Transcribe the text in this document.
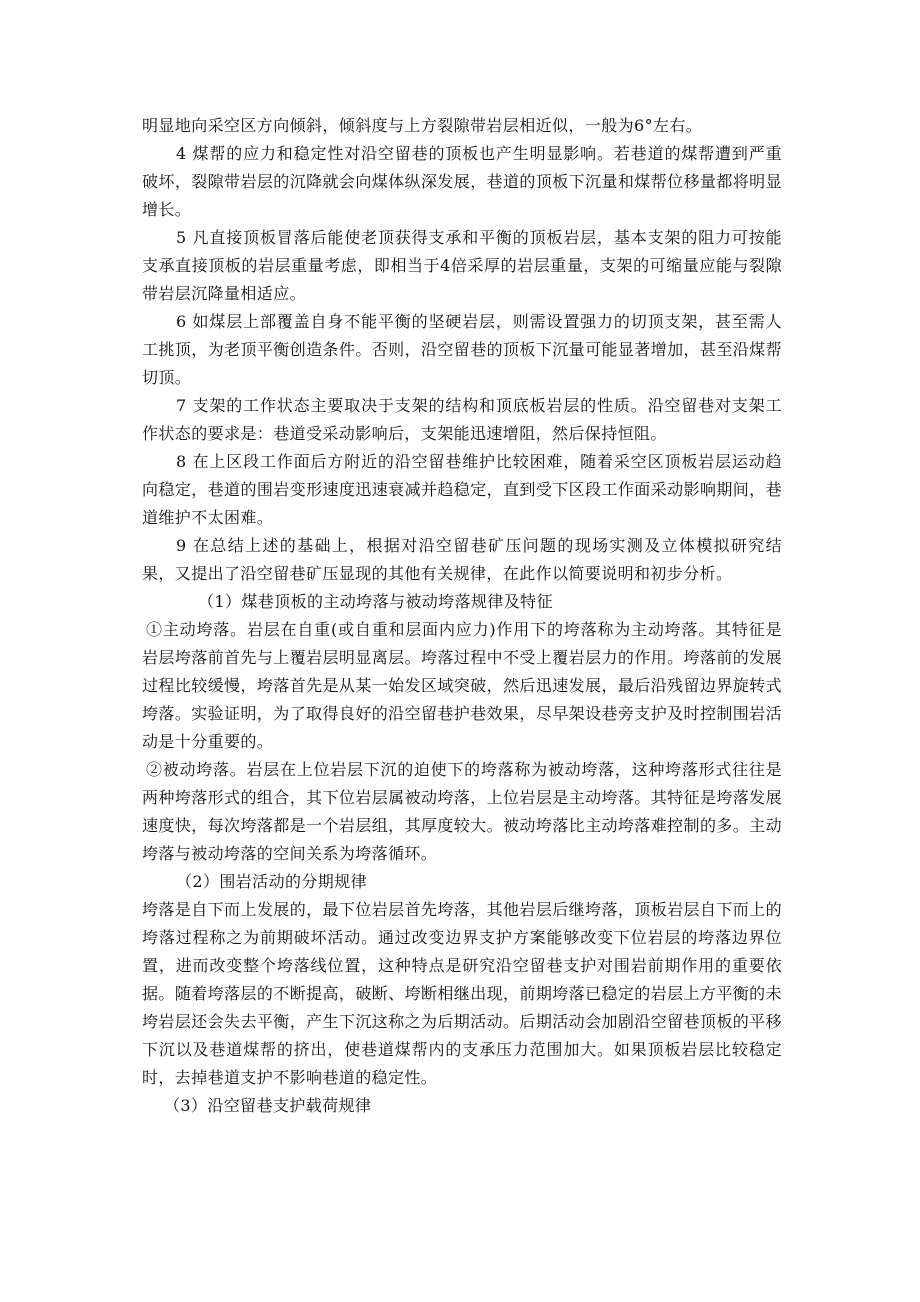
明显地向采空区方向倾斜，倾斜度与上方裂隙带岩层相近似，一般为6°左右。

4 煤帮的应力和稳定性对沿空留巷的顶板也产生明显影响。若巷道的煤帮遭到严重破坏，裂隙带岩层的沉降就会向煤体纵深发展，巷道的顶板下沉量和煤帮位移量都将明显增长。

5 凡直接顶板冒落后能使老顶获得支承和平衡的顶板岩层，基本支架的阻力可按能支承直接顶板的岩层重量考虑，即相当于4倍采厚的岩层重量，支架的可缩量应能与裂隙带岩层沉降量相适应。

6 如煤层上部覆盖自身不能平衡的坚硬岩层，则需设置强力的切顶支架，甚至需人工挑顶，为老顶平衡创造条件。否则，沿空留巷的顶板下沉量可能显著增加，甚至沿煤帮切顶。

7 支架的工作状态主要取决于支架的结构和顶底板岩层的性质。沿空留巷对支架工作状态的要求是：巷道受采动影响后，支架能迅速增阻，然后保持恒阻。

8 在上区段工作面后方附近的沿空留巷维护比较困难，随着采空区顶板岩层运动趋向稳定，巷道的围岩变形速度迅速衰减并趋稳定，直到受下区段工作面采动影响期间，巷道维护不太困难。

9 在总结上述的基础上，根据对沿空留巷矿压问题的现场实测及立体模拟研究结果，又提出了沿空留巷矿压显现的其他有关规律，在此作以简要说明和初步分析。

（1）煤巷顶板的主动垮落与被动垮落规律及特征

①主动垮落。岩层在自重(或自重和层面内应力)作用下的垮落称为主动垮落。其特征是岩层垮落前首先与上覆岩层明显离层。垮落过程中不受上覆岩层力的作用。垮落前的发展过程比较缓慢，垮落首先是从某一始发区域突破，然后迅速发展，最后沿残留边界旋转式垮落。实验证明，为了取得良好的沿空留巷护巷效果，尽早架设巷旁支护及时控制围岩活动是十分重要的。

②被动垮落。岩层在上位岩层下沉的迫使下的垮落称为被动垮落，这种垮落形式往往是两种垮落形式的组合，其下位岩层属被动垮落，上位岩层是主动垮落。其特征是垮落发展速度快，每次垮落都是一个岩层组，其厚度较大。被动垮落比主动垮落难控制的多。主动垮落与被动垮落的空间关系为垮落循环。

（2）围岩活动的分期规律

垮落是自下而上发展的，最下位岩层首先垮落，其他岩层后继垮落，顶板岩层自下而上的垮落过程称之为前期破坏活动。通过改变边界支护方案能够改变下位岩层的垮落边界位置，进而改变整个垮落线位置，这种特点是研究沿空留巷支护对围岩前期作用的重要依据。随着垮落层的不断提高，破断、垮断相继出现，前期垮落已稳定的岩层上方平衡的未垮岩层还会失去平衡，产生下沉这称之为后期活动。后期活动会加剧沿空留巷顶板的平移下沉以及巷道煤帮的挤出，使巷道煤帮内的支承压力范围加大。如果顶板岩层比较稳定时，去掉巷道支护不影响巷道的稳定性。

（3）沿空留巷支护载荷规律
